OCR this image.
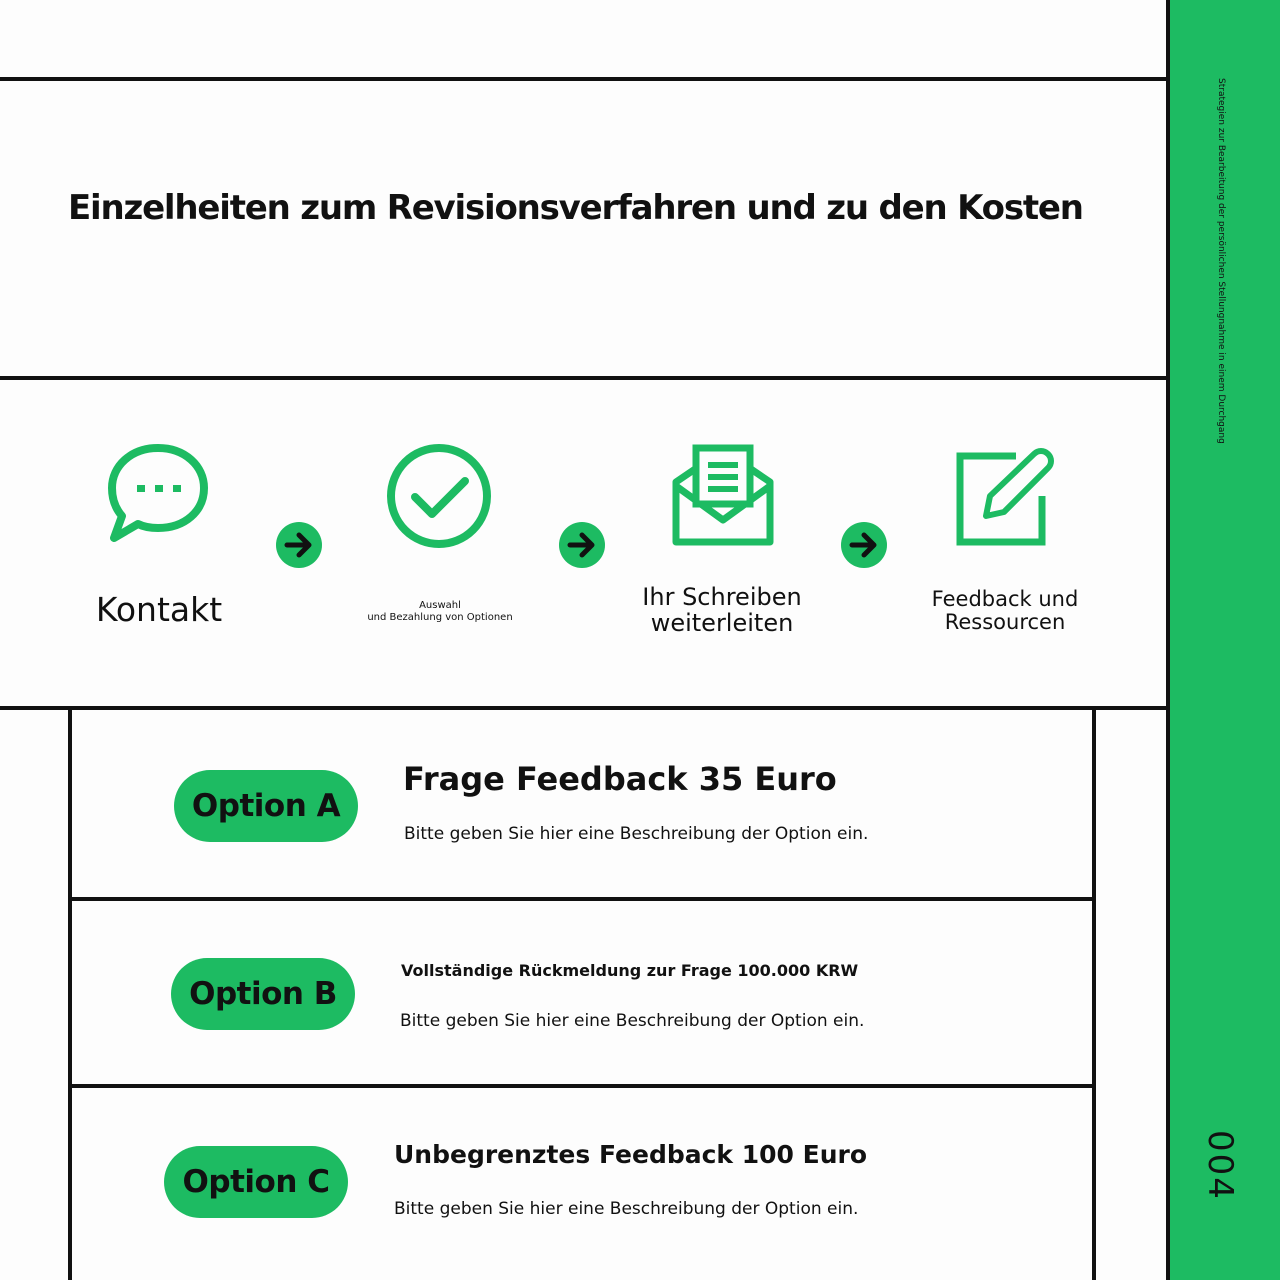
Strategien zur Bearbeitung der persönlichen Stellungnahme in einem Durchgang
004
Einzelheiten zum Revisionsverfahren und zu den Kosten
Kontakt	Auswahl
und Bezahlung von Optionen
Ihr Schreiben
weiterleiten
Feedback und
Ressourcen
Option A
Frage Feedback 35 Euro
Bitte geben Sie hier eine Beschreibung der Option ein.
Option B
Vollständige Rückmeldung zur Frage 100.000 KRW
Bitte geben Sie hier eine Beschreibung der Option ein.
Option C
Unbegrenztes Feedback 100 Euro
Bitte geben Sie hier eine Beschreibung der Option ein.
